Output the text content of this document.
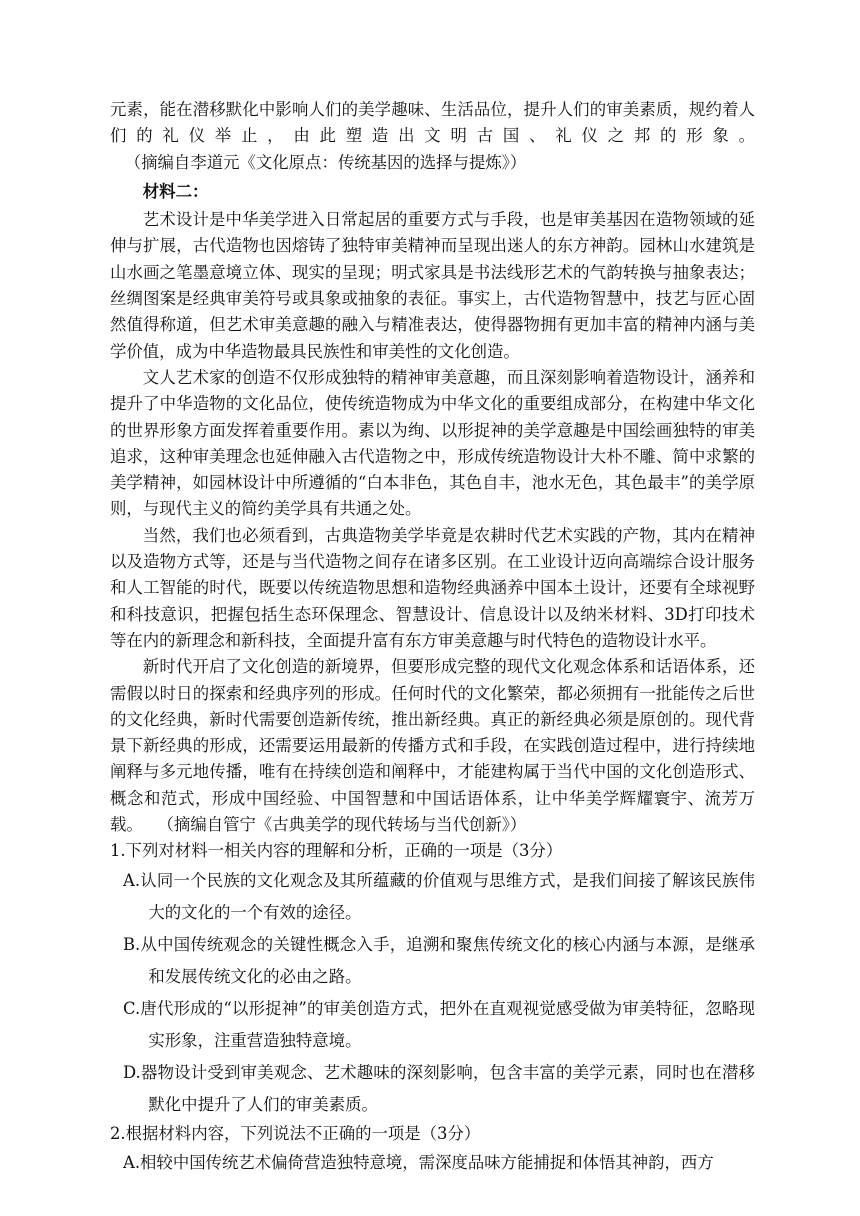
元素，能在潜移默化中影响人们的美学趣味、生活品位，提升人们的审美素质，规约着人们的礼仪举止，由此塑造出文明古国、礼仪之邦的形象。（摘编自李道元《文化原点：传统基因的选择与提炼》）

材料二：

艺术设计是中华美学进入日常起居的重要方式与手段，也是审美基因在造物领域的延伸与扩展，古代造物也因熔铸了独特审美精神而呈现出迷人的东方神韵。园林山水建筑是山水画之笔墨意境立体、现实的呈现；明式家具是书法线形艺术的气韵转换与抽象表达；丝绸图案是经典审美符号或具象或抽象的表征。事实上，古代造物智慧中，技艺与匠心固然值得称道，但艺术审美意趣的融入与精准表达，使得器物拥有更加丰富的精神内涵与美学价值，成为中华造物最具民族性和审美性的文化创造。

文人艺术家的创造不仅形成独特的精神审美意趣，而且深刻影响着造物设计，涵养和提升了中华造物的文化品位，使传统造物成为中华文化的重要组成部分，在构建中华文化的世界形象方面发挥着重要作用。素以为绚、以形捉神的美学意趣是中国绘画独特的审美追求，这种审美理念也延伸融入古代造物之中，形成传统造物设计大朴不雕、简中求繁的美学精神，如园林设计中所遵循的“白本非色，其色自丰，池水无色，其色最丰”的美学原则，与现代主义的简约美学具有共通之处。

当然，我们也必须看到，古典造物美学毕竟是农耕时代艺术实践的产物，其内在精神以及造物方式等，还是与当代造物之间存在诸多区别。在工业设计迈向高端综合设计服务和人工智能的时代，既要以传统造物思想和造物经典涵养中国本土设计，还要有全球视野和科技意识，把握包括生态环保理念、智慧设计、信息设计以及纳米材料、3D打印技术等在内的新理念和新科技，全面提升富有东方审美意趣与时代特色的造物设计水平。

新时代开启了文化创造的新境界，但要形成完整的现代文化观念体系和话语体系，还需假以时日的探索和经典序列的形成。任何时代的文化繁荣，都必须拥有一批能传之后世的文化经典，新时代需要创造新传统，推出新经典。真正的新经典必须是原创的。现代背景下新经典的形成，还需要运用最新的传播方式和手段，在实践创造过程中，进行持续地阐释与多元地传播，唯有在持续创造和阐释中，才能建构属于当代中国的文化创造形式、概念和范式，形成中国经验、中国智慧和中国话语体系，让中华美学辉耀寰宇、流芳万载。 （摘编自管宁《古典美学的现代转场与当代创新》）

1.下列对材料一相关内容的理解和分析，正确的一项是（3分）

A.认同一个民族的文化观念及其所蕴藏的价值观与思维方式，是我们间接了解该民族伟大的文化的一个有效的途径。

B.从中国传统观念的关键性概念入手，追溯和聚焦传统文化的核心内涵与本源，是继承和发展传统文化的必由之路。

C.唐代形成的“以形捉神”的审美创造方式，把外在直观视觉感受做为审美特征，忽略现实形象，注重营造独特意境。

D.器物设计受到审美观念、艺术趣味的深刻影响，包含丰富的美学元素，同时也在潜移默化中提升了人们的审美素质。

2.根据材料内容，下列说法不正确的一项是（3分）

A.相较中国传统艺术偏倚营造独特意境，需深度品味方能捕捉和体悟其神韵，西方
